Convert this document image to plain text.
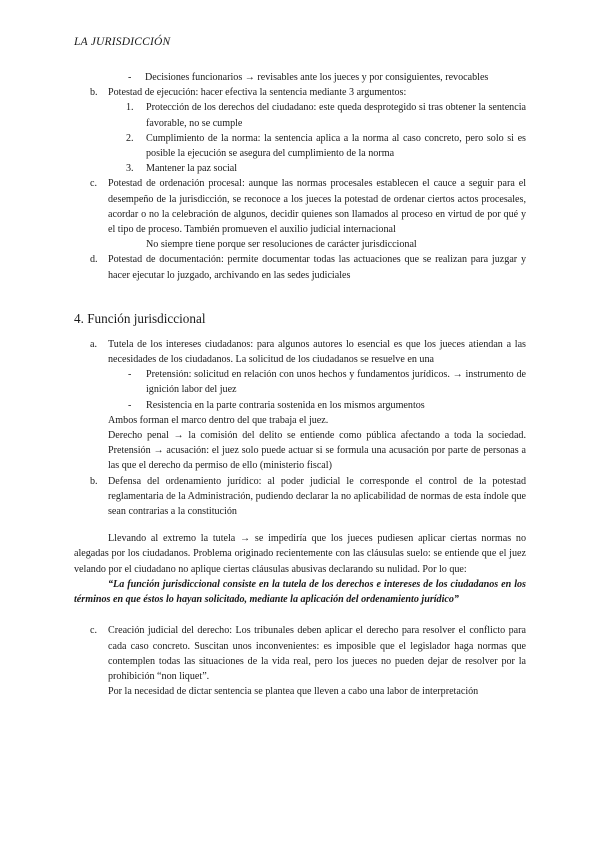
LA JURISDICCIÓN
- Decisiones funcionarios → revisables ante los jueces y por consiguientes, revocables
b. Potestad de ejecución: hacer efectiva la sentencia mediante 3 argumentos:
1. Protección de los derechos del ciudadano: este queda desprotegido si tras obtener la sentencia favorable, no se cumple
2. Cumplimiento de la norma: la sentencia aplica a la norma al caso concreto, pero solo si es posible la ejecución se asegura del cumplimiento de la norma
3. Mantener la paz social
c. Potestad de ordenación procesal: aunque las normas procesales establecen el cauce a seguir para el desempeño de la jurisdicción, se reconoce a los jueces la potestad de ordenar ciertos actos procesales, acordar o no la celebración de algunos, decidir quienes son llamados al proceso en virtud de por qué y el tipo de proceso. También promueven el auxilio judicial internacional
No siempre tiene porque ser resoluciones de carácter jurisdiccional
d. Potestad de documentación: permite documentar todas las actuaciones que se realizan para juzgar y hacer ejecutar lo juzgado, archivando en las sedes judiciales
4. Función jurisdiccional
a. Tutela de los intereses ciudadanos: para algunos autores lo esencial es que los jueces atiendan a las necesidades de los ciudadanos. La solicitud de los ciudadanos se resuelve en una
- Pretensión: solicitud en relación con unos hechos y fundamentos jurídicos. → instrumento de ignición labor del juez
- Resistencia en la parte contraria sostenida en los mismos argumentos
Ambos forman el marco dentro del que trabaja el juez.
Derecho penal → la comisión del delito se entiende como pública afectando a toda la sociedad. Pretensión → acusación: el juez solo puede actuar si se formula una acusación por parte de personas a las que el derecho da permiso de ello (ministerio fiscal)
b. Defensa del ordenamiento jurídico: al poder judicial le corresponde el control de la potestad reglamentaria de la Administración, pudiendo declarar la no aplicabilidad de normas de esta índole que sean contrarias a la constitución
Llevando al extremo la tutela → se impediría que los jueces pudiesen aplicar ciertas normas no alegadas por los ciudadanos. Problema originado recientemente con las cláusulas suelo: se entiende que el juez velando por el ciudadano no aplique ciertas cláusulas abusivas declarando su nulidad. Por lo que:
“La función jurisdiccional consiste en la tutela de los derechos e intereses de los ciudadanos en los términos en que éstos lo hayan solicitado, mediante la aplicación del ordenamiento jurídico”
c. Creación judicial del derecho: Los tribunales deben aplicar el derecho para resolver el conflicto para cada caso concreto. Suscitan unos inconvenientes: es imposible que el legislador haga normas que contemplen todas las situaciones de la vida real, pero los jueces no pueden dejar de resolver por la prohibición “non liquet”.
Por la necesidad de dictar sentencia se plantea que lleven a cabo una labor de interpretación
